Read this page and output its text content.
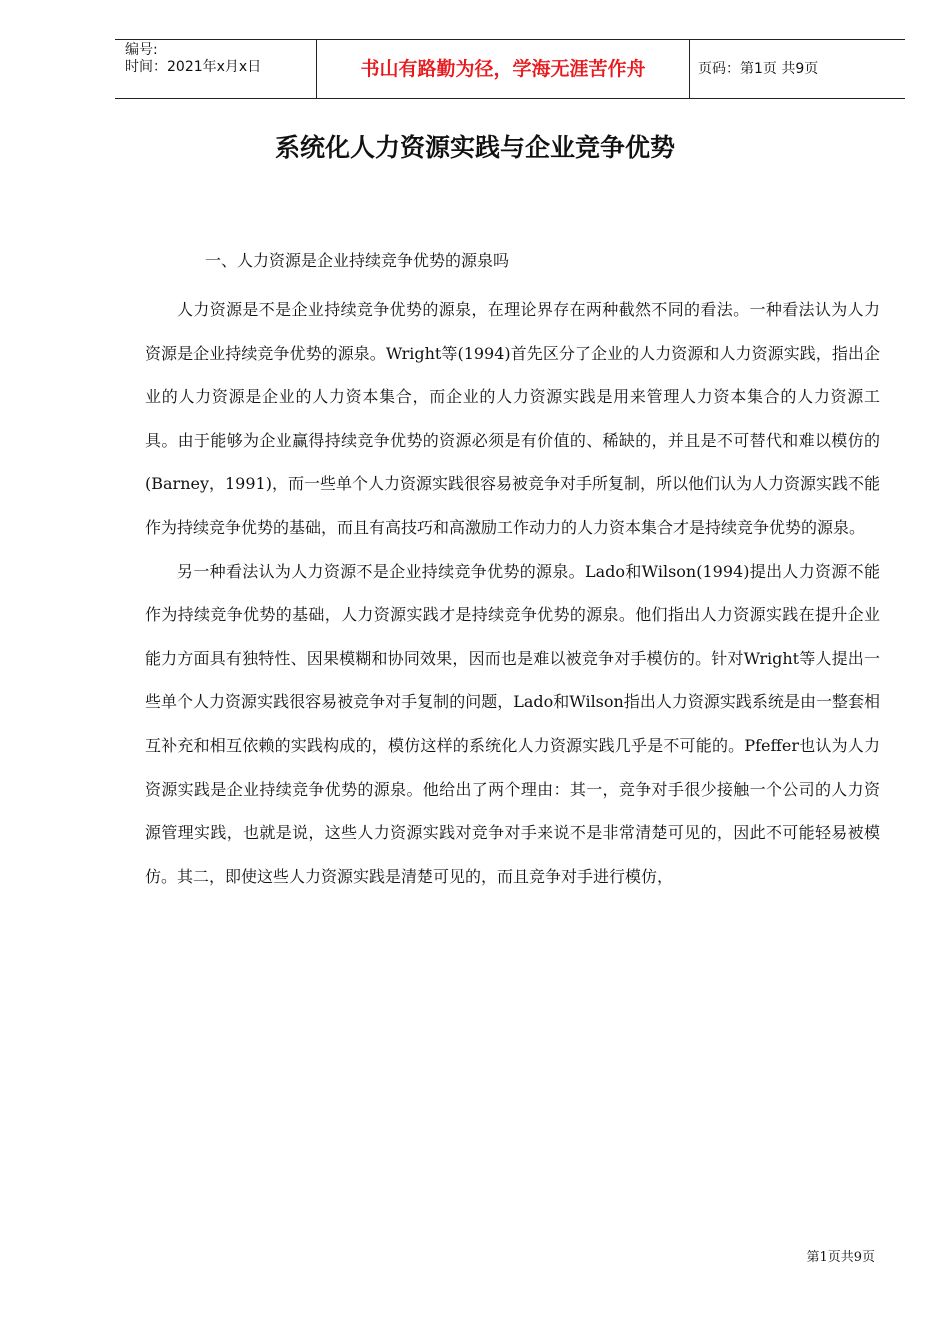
编号:
时间：2021年x月x日	书山有路勤为径，学海无涯苦作舟	页码：第1页 共9页
系统化人力资源实践与企业竞争优势
一、人力资源是企业持续竞争优势的源泉吗

人力资源是不是企业持续竞争优势的源泉，在理论界存在两种截然不同的看法。一种看法认为人力资源是企业持续竞争优势的源泉。Wright等(1994)首先区分了企业的人力资源和人力资源实践，指出企业的人力资源是企业的人力资本集合，而企业的人力资源实践是用来管理人力资本集合的人力资源工具。由于能够为企业赢得持续竞争优势的资源必须是有价值的、稀缺的，并且是不可替代和难以模仿的(Barney，1991)，而一些单个人力资源实践很容易被竞争对手所复制，所以他们认为人力资源实践不能作为持续竞争优势的基础，而且有高技巧和高激励工作动力的人力资本集合才是持续竞争优势的源泉。

另一种看法认为人力资源不是企业持续竞争优势的源泉。Lado和Wilson(1994)提出人力资源不能作为持续竞争优势的基础，人力资源实践才是持续竞争优势的源泉。他们指出人力资源实践在提升企业能力方面具有独特性、因果模糊和协同效果，因而也是难以被竞争对手模仿的。针对Wright等人提出一些单个人力资源实践很容易被竞争对手复制的问题，Lado和Wilson指出人力资源实践系统是由一整套相互补充和相互依赖的实践构成的，模仿这样的系统化人力资源实践几乎是不可能的。Pfeffer也认为人力资源实践是企业持续竞争优势的源泉。他给出了两个理由：其一，竞争对手很少接触一个公司的人力资源管理实践，也就是说，这些人力资源实践对竞争对手来说不是非常清楚可见的，因此不可能轻易被模仿。其二，即使这些人力资源实践是清楚可见的，而且竞争对手进行模仿，

第1页共9页
